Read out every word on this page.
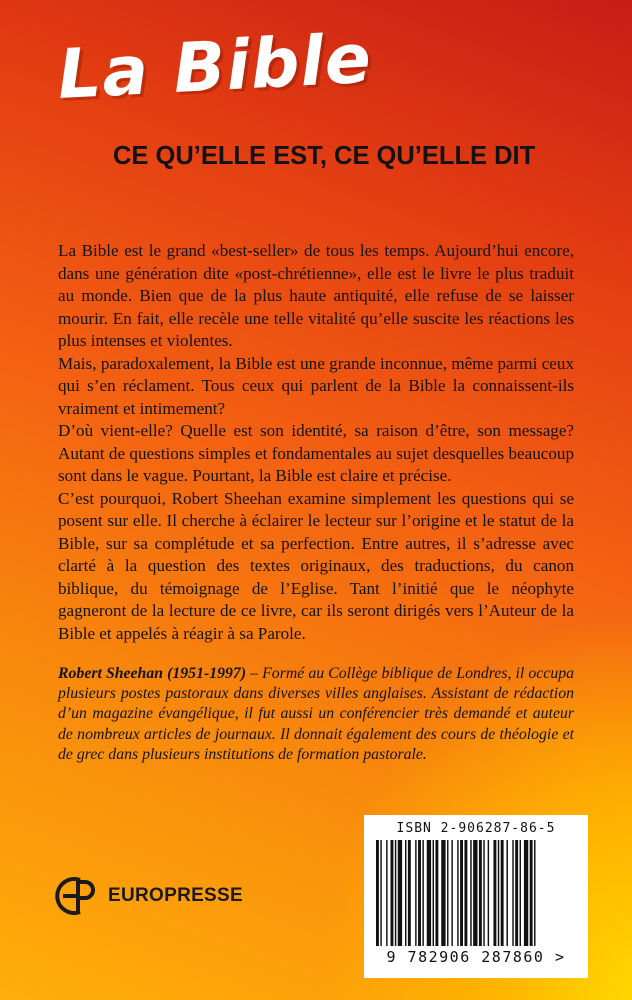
La Bible
CE QU’ELLE EST, CE QU’ELLE DIT

La Bible est le grand «best-seller» de tous les temps. Aujourd’hui encore, dans une génération dite «post-chrétienne», elle est le livre le plus traduit au monde. Bien que de la plus haute antiquité, elle refuse de se laisser mourir. En fait, elle recèle une telle vitalité qu’elle suscite les réactions les plus intenses et violentes.

Mais, paradoxalement, la Bible est une grande inconnue, même parmi ceux qui s’en réclament. Tous ceux qui parlent de la Bible la connaissent-ils vraiment et intimement?

D’où vient-elle? Quelle est son identité, sa raison d’être, son message? Autant de questions simples et fondamentales au sujet desquelles beaucoup sont dans le vague. Pourtant, la Bible est claire et précise.

C’est pourquoi, Robert Sheehan examine simplement les questions qui se posent sur elle. Il cherche à éclairer le lecteur sur l’origine et le statut de la Bible, sur sa complétude et sa perfection. Entre autres, il s’adresse avec clarté à la question des textes originaux, des traductions, du canon biblique, du témoignage de l’Eglise. Tant l’initié que le néophyte gagneront de la lecture de ce livre, car ils seront dirigés vers l’Auteur de la Bible et appelés à réagir à sa Parole.

Robert Sheehan (1951-1997) – Formé au Collège biblique de Londres, il occupa plusieurs postes pastoraux dans diverses villes anglaises. Assistant de rédaction d’un magazine évangélique, il fut aussi un conférencier très demandé et auteur de nombreux articles de journaux. Il donnait également des cours de théologie et de grec dans plusieurs institutions de formation pastorale.

EUROPRESSE
ISBN 2-906287-86-5
9 782906 287860 >
